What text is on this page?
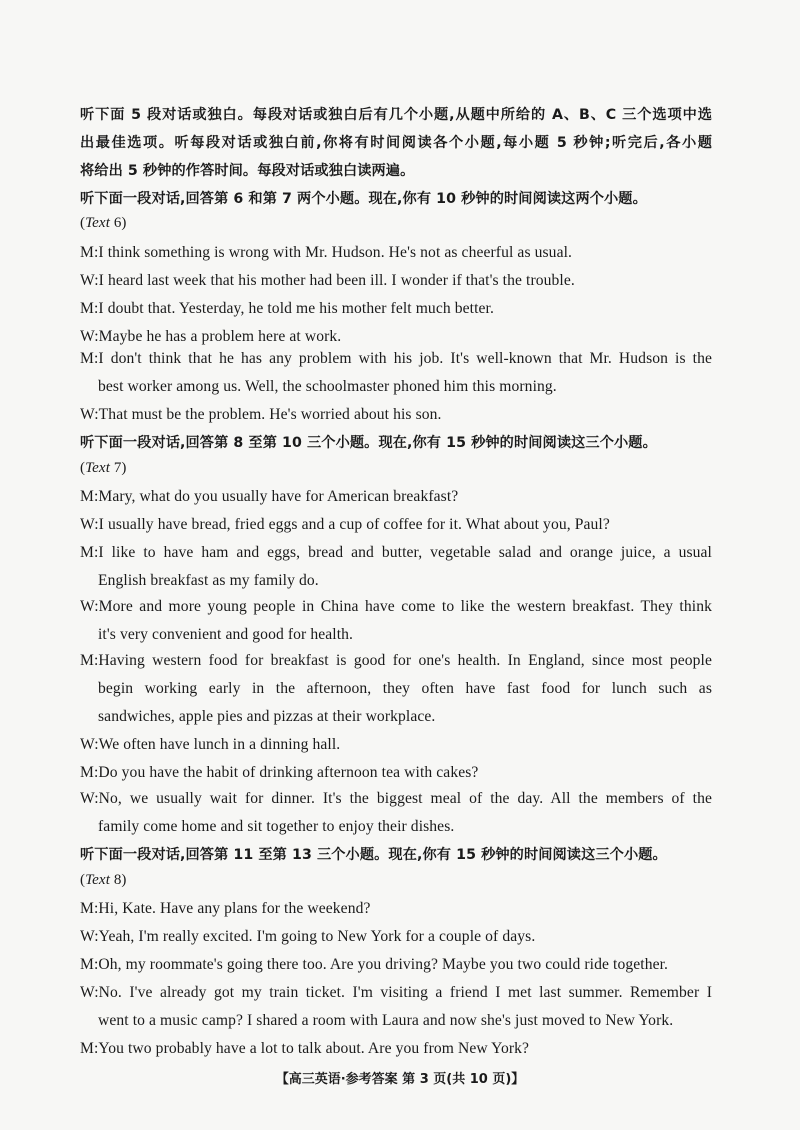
听下面 5 段对话或独白。每段对话或独白后有几个小题,从题中所给的 A、B、C 三个选项中选
出最佳选项。听每段对话或独白前,你将有时间阅读各个小题,每小题 5 秒钟;听完后,各小题
将给出 5 秒钟的作答时间。每段对话或独白读两遍。
听下面一段对话,回答第 6 和第 7 两个小题。现在,你有 10 秒钟的时间阅读这两个小题。
(Text 6)
M:I think something is wrong with Mr. Hudson. He's not as cheerful as usual.
W:I heard last week that his mother had been ill. I wonder if that's the trouble.
M:I doubt that. Yesterday, he told me his mother felt much better.
W:Maybe he has a problem here at work.
M:I don't think that he has any problem with his job. It's well-known that Mr. Hudson is the
best worker among us. Well, the schoolmaster phoned him this morning.
W:That must be the problem. He's worried about his son.
听下面一段对话,回答第 8 至第 10 三个小题。现在,你有 15 秒钟的时间阅读这三个小题。
(Text 7)
M:Mary, what do you usually have for American breakfast?
W:I usually have bread, fried eggs and a cup of coffee for it. What about you, Paul?
M:I like to have ham and eggs, bread and butter, vegetable salad and orange juice, a usual
English breakfast as my family do.
W:More and more young people in China have come to like the western breakfast. They think
it's very convenient and good for health.
M:Having western food for breakfast is good for one's health. In England, since most people
begin working early in the afternoon, they often have fast food for lunch such as
sandwiches, apple pies and pizzas at their workplace.
W:We often have lunch in a dinning hall.
M:Do you have the habit of drinking afternoon tea with cakes?
W:No, we usually wait for dinner. It's the biggest meal of the day. All the members of the
family come home and sit together to enjoy their dishes.
听下面一段对话,回答第 11 至第 13 三个小题。现在,你有 15 秒钟的时间阅读这三个小题。
(Text 8)
M:Hi, Kate. Have any plans for the weekend?
W:Yeah, I'm really excited. I'm going to New York for a couple of days.
M:Oh, my roommate's going there too. Are you driving? Maybe you two could ride together.
W:No. I've already got my train ticket. I'm visiting a friend I met last summer. Remember I
went to a music camp? I shared a room with Laura and now she's just moved to New York.
M:You two probably have a lot to talk about. Are you from New York?
【高三英语·参考答案 第 3 页(共 10 页)】
